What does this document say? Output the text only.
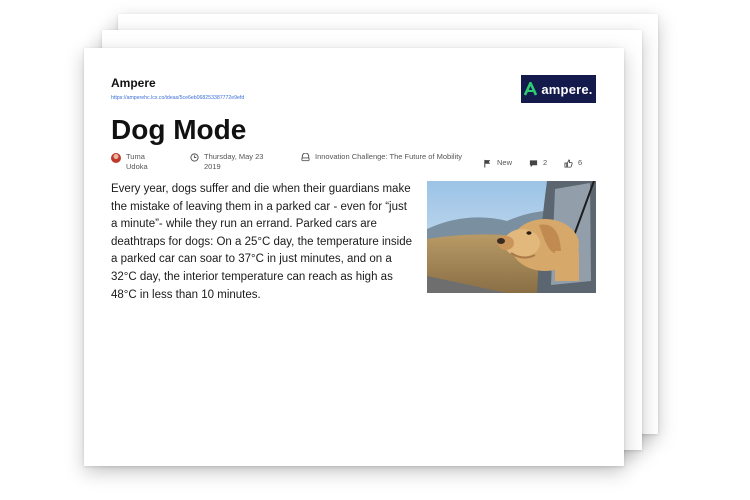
Ampere
https://amperehc.lcx.co/ideas/5ce6eb068253387772e9efd
ampere.
Dog Mode
Tuma Udoka
Thursday, May 23 2019
Innovation Challenge: The Future of Mobility
New	2	6

Every year, dogs suffer and die when their guardians make the mistake of leaving them in a parked car - even for “just a minute”- while they run an errand. Parked cars are deathtraps for dogs: On a 25°C day, the temperature inside a parked car can soar to 37°C in just minutes, and on a 32°C day, the interior temperature can reach as high as 48°C in less than 10 minutes.
